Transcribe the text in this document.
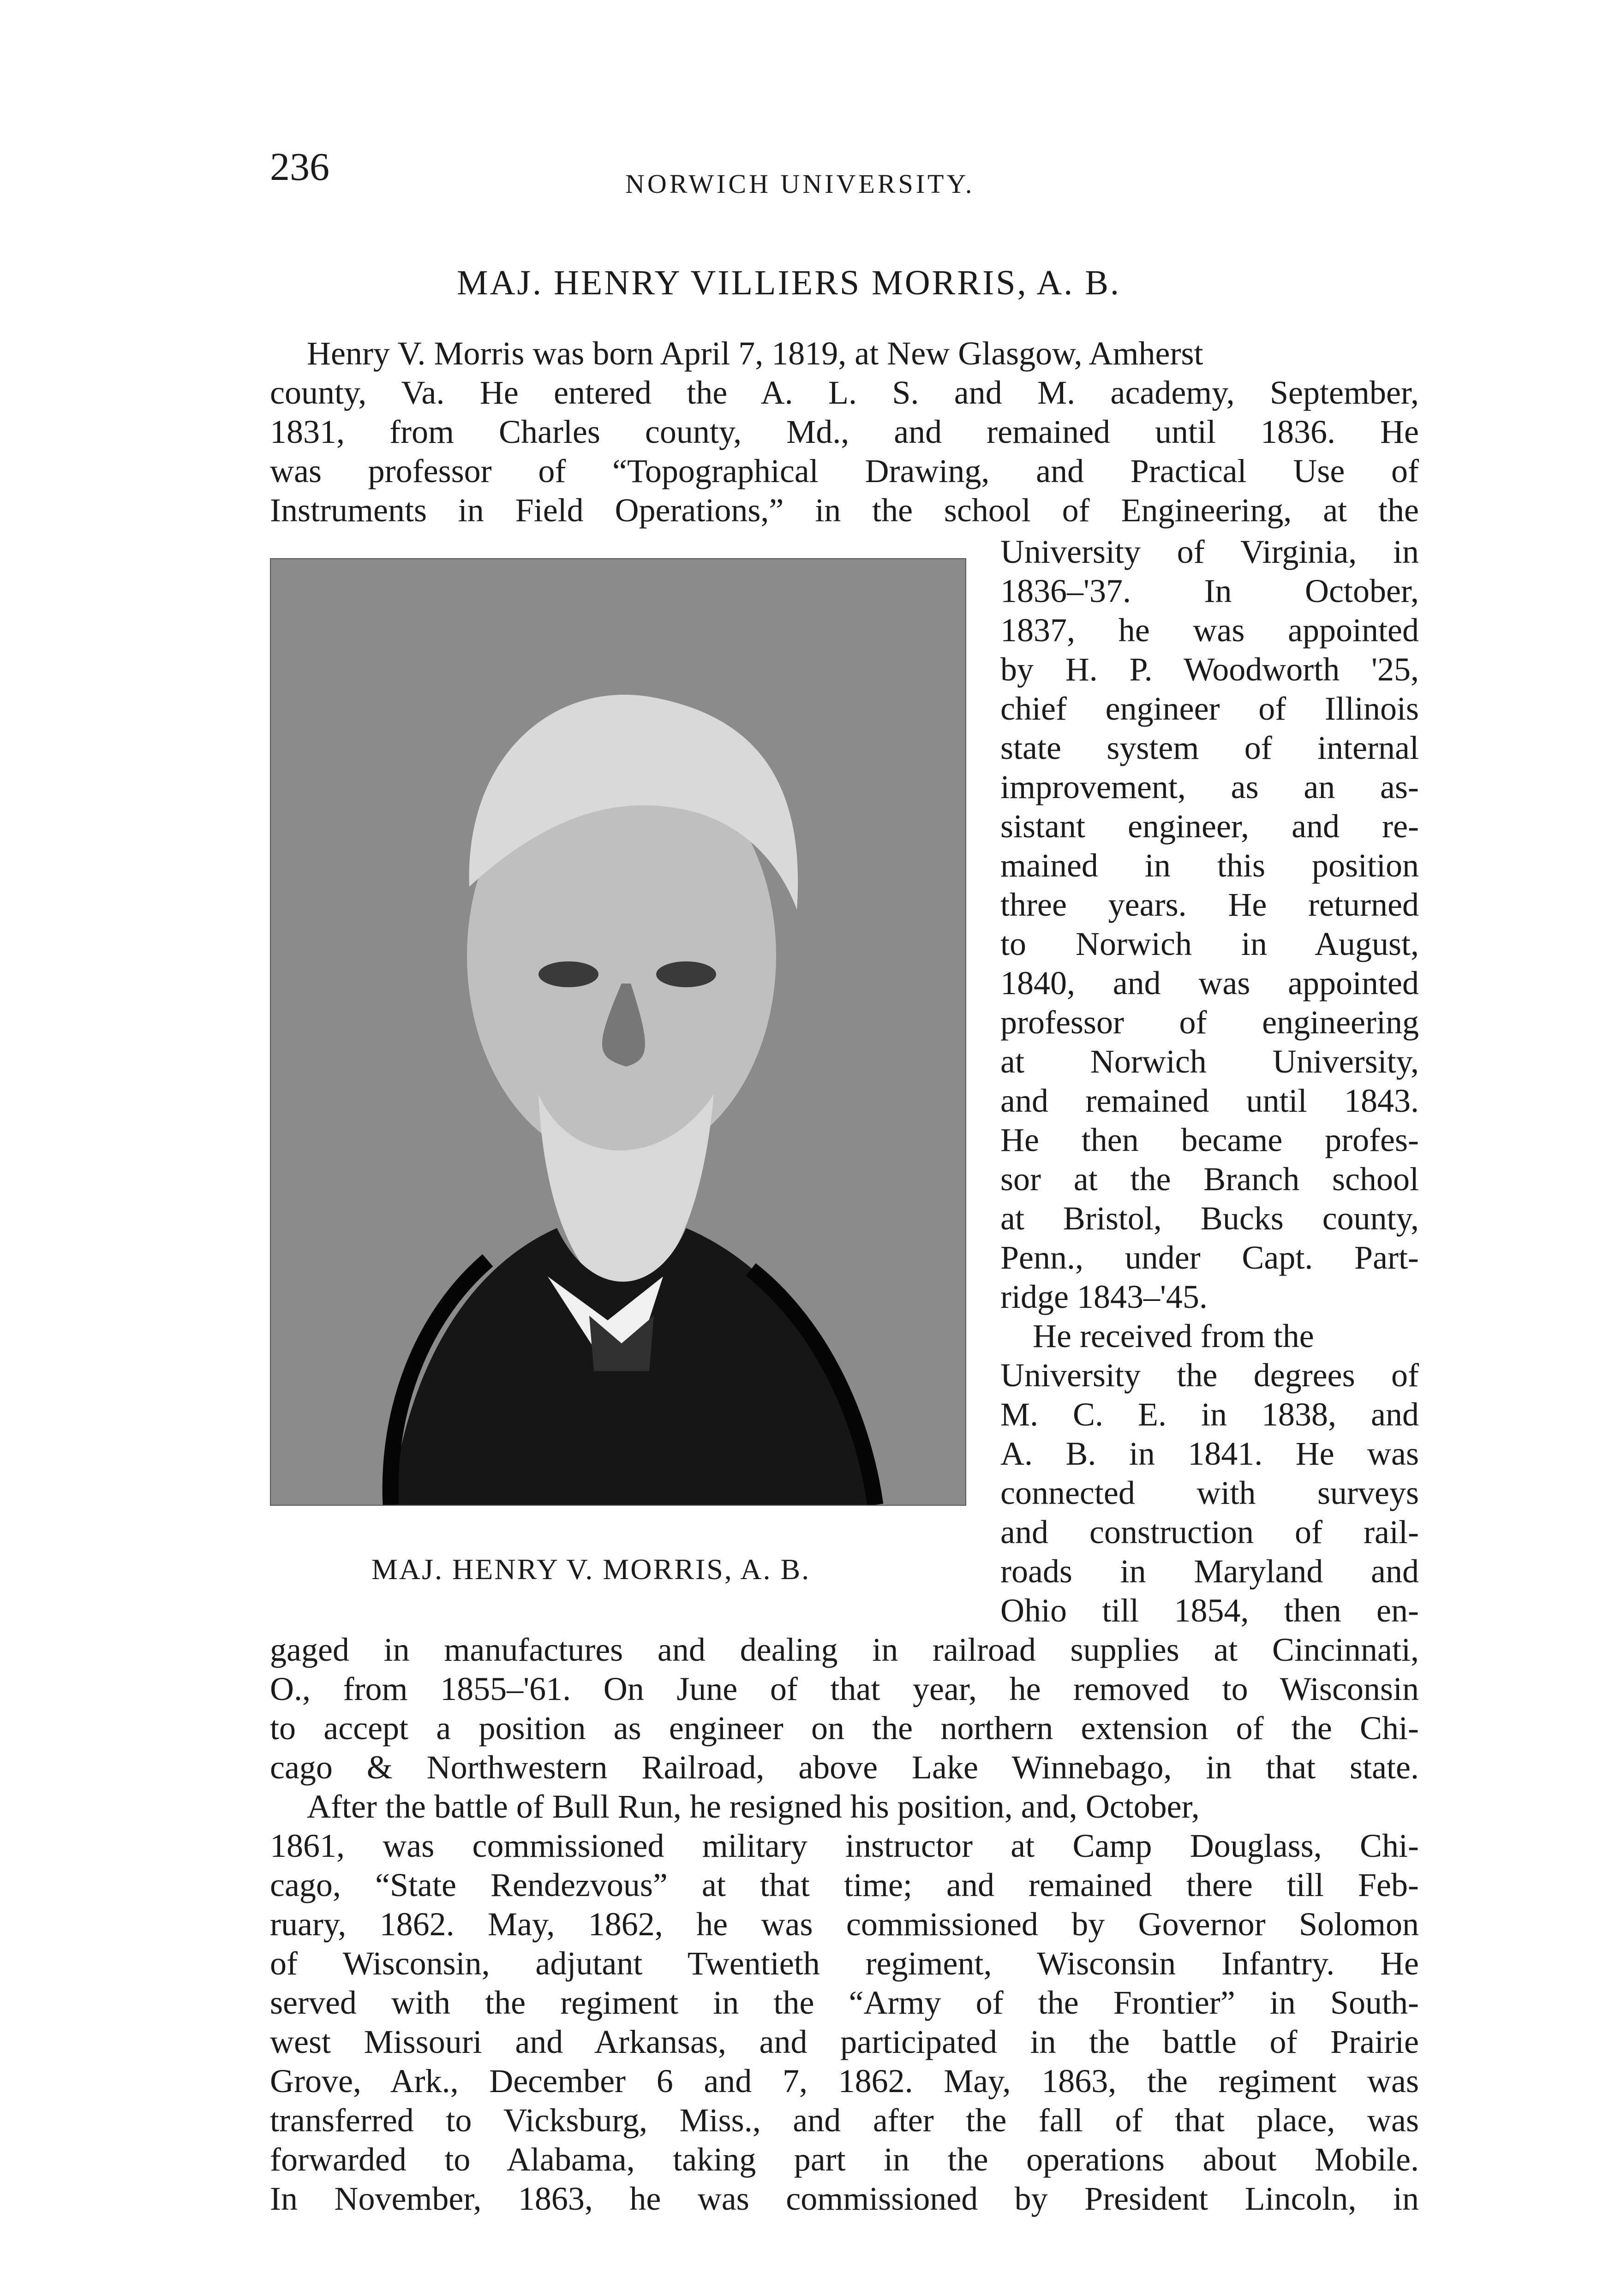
236	NORWICH UNIVERSITY.
MAJ. HENRY VILLIERS MORRIS, A. B.
Henry V. Morris was born April 7, 1819, at New Glasgow, Amherst
county, Va. He entered the A. L. S. and M. academy, September,
1831, from Charles county, Md., and remained until 1836. He
was professor of “Topographical Drawing, and Practical Use of
Instruments in Field Operations,” in the school of Engineering, at the
University of Virginia, in
1836–'37. In October,
1837, he was appointed
by H. P. Woodworth '25,
chief engineer of Illinois
state system of internal
improvement, as an as-
sistant engineer, and re-
mained in this position
three years. He returned
to Norwich in August,
1840, and was appointed
professor of engineering
at Norwich University,
and remained until 1843.
He then became profes-
sor at the Branch school
at Bristol, Bucks county,
Penn., under Capt. Part-
ridge 1843–'45.
He received from the
University the degrees of
M. C. E. in 1838, and
A. B. in 1841. He was
connected with surveys
and construction of rail-
roads in Maryland and
Ohio till 1854, then en-
MAJ. HENRY V. MORRIS, A. B.
gaged in manufactures and dealing in railroad supplies at Cincinnati,
O., from 1855–'61. On June of that year, he removed to Wisconsin
to accept a position as engineer on the northern extension of the Chi-
cago & Northwestern Railroad, above Lake Winnebago, in that state.
After the battle of Bull Run, he resigned his position, and, October,
1861, was commissioned military instructor at Camp Douglass, Chi-
cago, “State Rendezvous” at that time; and remained there till Feb-
ruary, 1862. May, 1862, he was commissioned by Governor Solomon
of Wisconsin, adjutant Twentieth regiment, Wisconsin Infantry. He
served with the regiment in the “Army of the Frontier” in South-
west Missouri and Arkansas, and participated in the battle of Prairie
Grove, Ark., December 6 and 7, 1862. May, 1863, the regiment was
transferred to Vicksburg, Miss., and after the fall of that place, was
forwarded to Alabama, taking part in the operations about Mobile.
In November, 1863, he was commissioned by President Lincoln, in
